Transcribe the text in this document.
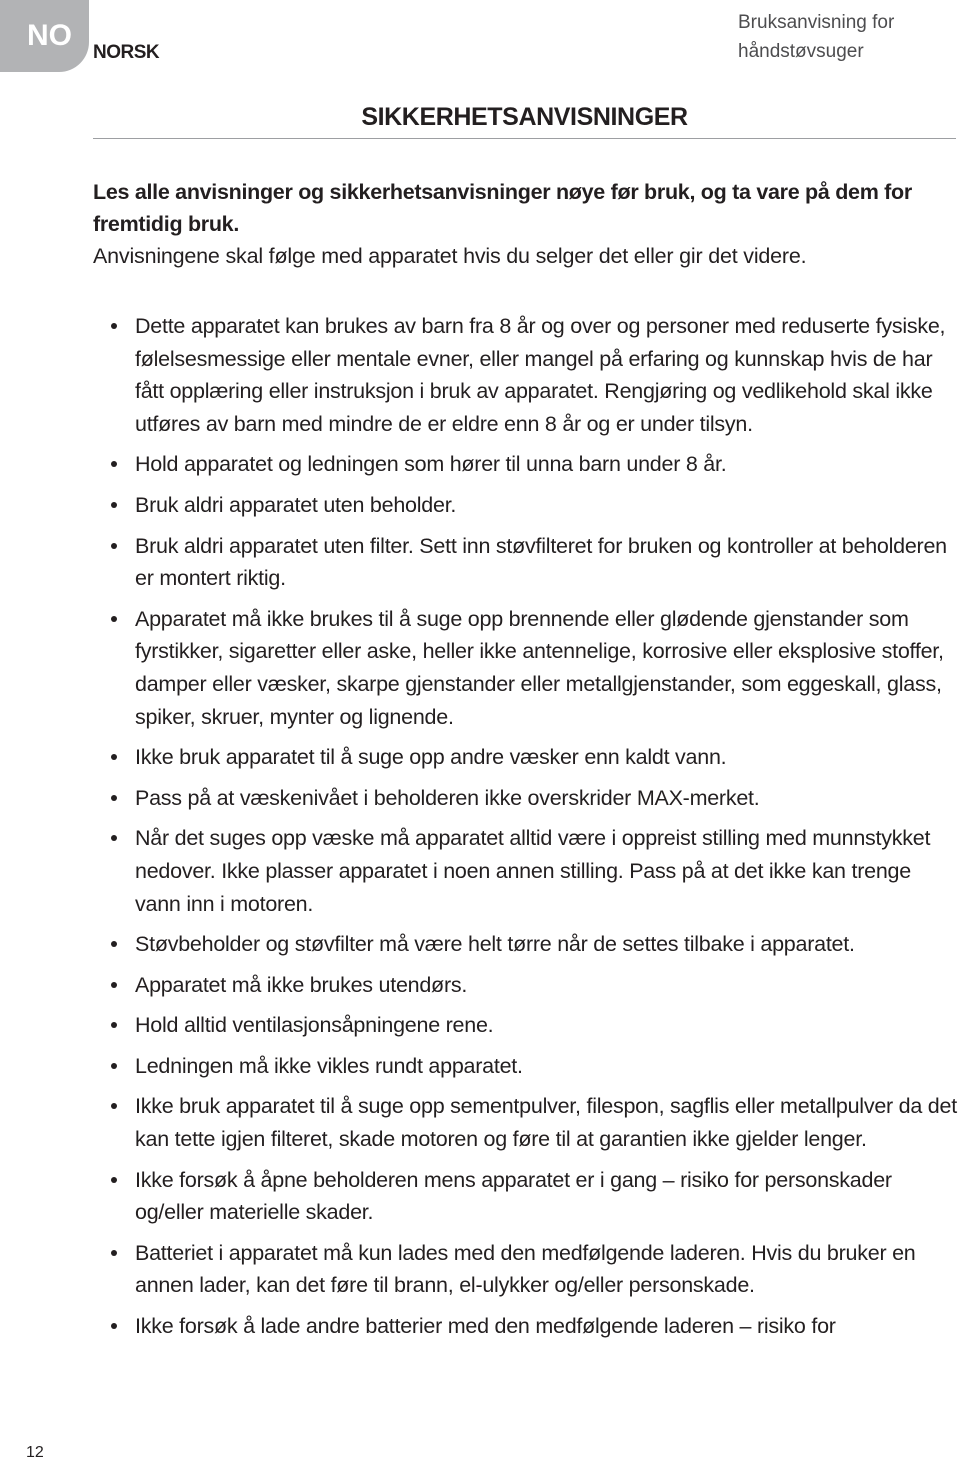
NO
NORSK
Bruksanvisning for håndstøvsuger
SIKKERHETSANVISNINGER
Les alle anvisninger og sikkerhetsanvisninger nøye før bruk, og ta vare på dem for fremtidig bruk.
Anvisningene skal følge med apparatet hvis du selger det eller gir det videre.
Dette apparatet kan brukes av barn fra 8 år og over og personer med reduserte fysiske, følelsesmessige eller mentale evner, eller mangel på erfaring og kunnskap hvis de har fått opplæring eller instruksjon i bruk av apparatet. Rengjøring og vedlikehold skal ikke utføres av barn med mindre de er eldre enn 8 år og er under tilsyn.
Hold apparatet og ledningen som hører til unna barn under 8 år.
Bruk aldri apparatet uten beholder.
Bruk aldri apparatet uten filter. Sett inn støvfilteret for bruken og kontroller at beholderen er montert riktig.
Apparatet må ikke brukes til å suge opp brennende eller glødende gjenstander som fyrstikker, sigaretter eller aske, heller ikke antennelige, korrosive eller eksplosive stoffer, damper eller væsker, skarpe gjenstander eller metallgjenstander, som eggeskall, glass, spiker, skruer, mynter og lignende.
Ikke bruk apparatet til å suge opp andre væsker enn kaldt vann.
Pass på at væskenivået i beholderen ikke overskrider MAX-merket.
Når det suges opp væske må apparatet alltid være i oppreist stilling med munnstykket nedover. Ikke plasser apparatet i noen annen stilling. Pass på at det ikke kan trenge vann inn i motoren.
Støvbeholder og støvfilter må være helt tørre når de settes tilbake i apparatet.
Apparatet må ikke brukes utendørs.
Hold alltid ventilasjonsåpningene rene.
Ledningen må ikke vikles rundt apparatet.
Ikke bruk apparatet til å suge opp sementpulver, filespon, sagflis eller metallpulver da det kan tette igjen filteret, skade motoren og føre til at garantien ikke gjelder lenger.
Ikke forsøk å åpne beholderen mens apparatet er i gang – risiko for personskader og/eller materielle skader.
Batteriet i apparatet må kun lades med den medfølgende laderen. Hvis du bruker en annen lader, kan det føre til brann, el-ulykker og/eller personskade.
Ikke forsøk å lade andre batterier med den medfølgende laderen – risiko for
12
